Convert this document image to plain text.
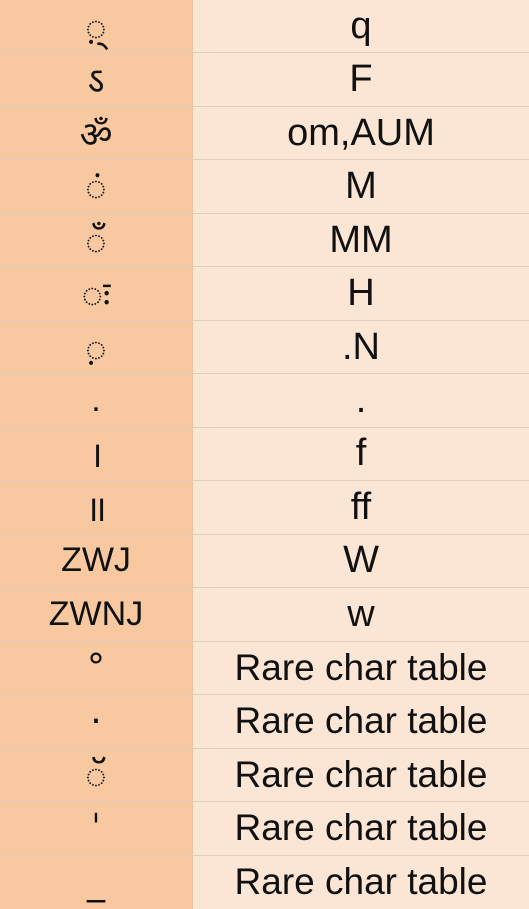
़्	q
ऽ	F
ॐ	om,AUM
ं	M
ँ	MM
ः	H
़	.N
.	.
।	f
॥	ff
ZWJ	W
ZWNJ	w
°	Rare char table
·	Rare char table
ॅ	Rare char table
ˈ	Rare char table
_	Rare char table
